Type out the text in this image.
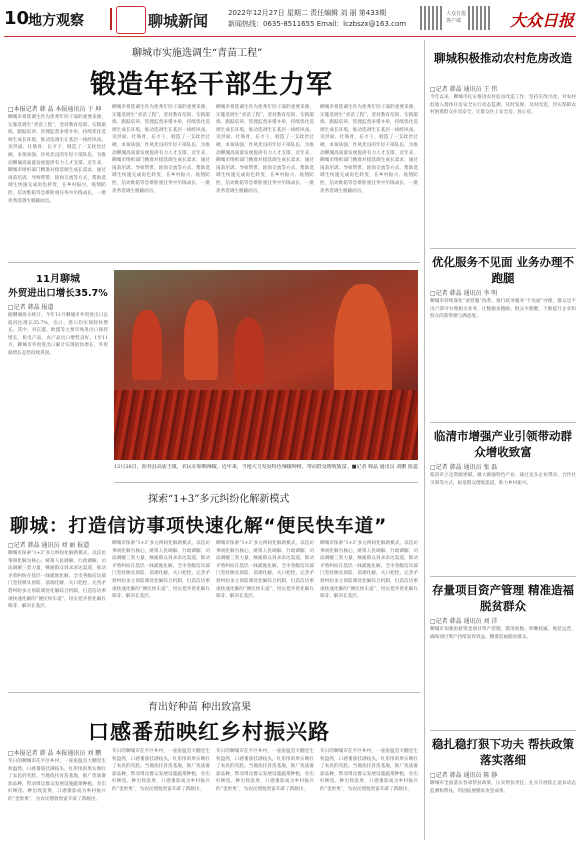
10
地方观察	聊城新闻	2022年12月27日 星期二 责任编辑 刘 丽 第433期
新闻热线：0635-8511655 Email：lczbszx@163.com
大众日报客户端	大众日报
聊城市实施选调生“青苗工程”
锻造年轻干部生力军
□本报记者 韩 晶 本报通讯员 于 坤
聊城市将选调生作为优秀年轻干部的重要来源，实施选调生“青苗工程”，坚持教育培训、实践锻炼、跟踪培养、管理监督多措并举，持续优化选调生成长环境，推动选调生在基层一线经风雨、见世面、壮筋骨、长才干，锻造了一支政治过硬、本领高强、作风优良的年轻干部队伍，为推动聊城高质量发展提供有力人才支撑。近年来，聊城市组织部门精准对接选调生成长需求，通过岗前培训、导师帮带、轮岗交流等方式，帮助选调生快速完成角色转变，在乡村振兴、疫情防控、信访维稳等急难险重任务中历练成长，一批优秀选调生脱颖而出。
聊城市将选调生作为优秀年轻干部的重要来源，实施选调生“青苗工程”，坚持教育培训、实践锻炼、跟踪培养、管理监督多措并举，持续优化选调生成长环境，推动选调生在基层一线经风雨、见世面、壮筋骨、长才干，锻造了一支政治过硬、本领高强、作风优良的年轻干部队伍，为推动聊城高质量发展提供有力人才支撑。近年来，聊城市组织部门精准对接选调生成长需求，通过岗前培训、导师帮带、轮岗交流等方式，帮助选调生快速完成角色转变，在乡村振兴、疫情防控、信访维稳等急难险重任务中历练成长，一批优秀选调生脱颖而出。
聊城市将选调生作为优秀年轻干部的重要来源，实施选调生“青苗工程”，坚持教育培训、实践锻炼、跟踪培养、管理监督多措并举，持续优化选调生成长环境，推动选调生在基层一线经风雨、见世面、壮筋骨、长才干，锻造了一支政治过硬、本领高强、作风优良的年轻干部队伍，为推动聊城高质量发展提供有力人才支撑。近年来，聊城市组织部门精准对接选调生成长需求，通过岗前培训、导师帮带、轮岗交流等方式，帮助选调生快速完成角色转变，在乡村振兴、疫情防控、信访维稳等急难险重任务中历练成长，一批优秀选调生脱颖而出。
聊城市将选调生作为优秀年轻干部的重要来源，实施选调生“青苗工程”，坚持教育培训、实践锻炼、跟踪培养、管理监督多措并举，持续优化选调生成长环境，推动选调生在基层一线经风雨、见世面、壮筋骨、长才干，锻造了一支政治过硬、本领高强、作风优良的年轻干部队伍，为推动聊城高质量发展提供有力人才支撑。近年来，聊城市组织部门精准对接选调生成长需求，通过岗前培训、导师帮带、轮岗交流等方式，帮助选调生快速完成角色转变，在乡村振兴、疫情防控、信访维稳等急难险重任务中历练成长，一批优秀选调生脱颖而出。
11月聊城
外贸进出口增长35.7%
□记者 韩晶 报道
据聊城海关统计，今年11月聊城市外贸进出口总值同比增长35.7%，出口、进口均实现较快增长。其中，对东盟、欧盟等主要市场进出口保持增长，机电产品、农产品出口增势良好。1至11月，聊城市外贸进出口累计实现较快增长，外贸稳增长态势持续巩固。
12月26日，阳谷县高庙王镇，农民在晾晒辣椒。近年来，当地大力发展特色辣椒种植，带动群众增收致富。■记者 韩晶 通讯员 刘鹏 报道
探索“1+3”多元纠纷化解新模式
聊城：打造信访事项快速化解“便民快车道”
□记者 韩晶 通讯员 刘 丽 报道
聊城市探索“1+3”多元纠纷化解新模式，以信访事项化解为核心，统筹人民调解、行政调解、司法调解三类力量，畅通群众诉求表达渠道，推动矛盾纠纷在基层一线就地化解。全市各级信访部门坚持源头预防、前端化解、关口把控，完善矛盾纠纷多元预防调处化解综合机制，打造信访事项快速化解的“便民快车道”，切实把矛盾化解在萌芽、解决在基层。
聊城市探索“1+3”多元纠纷化解新模式，以信访事项化解为核心，统筹人民调解、行政调解、司法调解三类力量，畅通群众诉求表达渠道，推动矛盾纠纷在基层一线就地化解。全市各级信访部门坚持源头预防、前端化解、关口把控，完善矛盾纠纷多元预防调处化解综合机制，打造信访事项快速化解的“便民快车道”，切实把矛盾化解在萌芽、解决在基层。
聊城市探索“1+3”多元纠纷化解新模式，以信访事项化解为核心，统筹人民调解、行政调解、司法调解三类力量，畅通群众诉求表达渠道，推动矛盾纠纷在基层一线就地化解。全市各级信访部门坚持源头预防、前端化解、关口把控，完善矛盾纠纷多元预防调处化解综合机制，打造信访事项快速化解的“便民快车道”，切实把矛盾化解在萌芽、解决在基层。
聊城市探索“1+3”多元纠纷化解新模式，以信访事项化解为核心，统筹人民调解、行政调解、司法调解三类力量，畅通群众诉求表达渠道，推动矛盾纠纷在基层一线就地化解。全市各级信访部门坚持源头预防、前端化解、关口把控，完善矛盾纠纷多元预防调处化解综合机制，打造信访事项快速化解的“便民快车道”，切实把矛盾化解在萌芽、解决在基层。
育出好种苗 种出致富果
口感番茄映红乡村振兴路
□本报记者 韩 晶 本报通讯员 刘 鹏
冬日的聊城市茌平区乡村，一座座温室大棚里生机盎然，口感番茄挂满枝头，红彤彤的果实映红了农民的笑脸。当地依托育苗基地，推广优质番茄品种，带动周边群众发展设施蔬菜种植，育出好种苗、种出致富果，口感番茄成为乡村振兴的“金果果”，为农民增收致富开辟了新路径。
冬日的聊城市茌平区乡村，一座座温室大棚里生机盎然，口感番茄挂满枝头，红彤彤的果实映红了农民的笑脸。当地依托育苗基地，推广优质番茄品种，带动周边群众发展设施蔬菜种植，育出好种苗、种出致富果，口感番茄成为乡村振兴的“金果果”，为农民增收致富开辟了新路径。
冬日的聊城市茌平区乡村，一座座温室大棚里生机盎然，口感番茄挂满枝头，红彤彤的果实映红了农民的笑脸。当地依托育苗基地，推广优质番茄品种，带动周边群众发展设施蔬菜种植，育出好种苗、种出致富果，口感番茄成为乡村振兴的“金果果”，为农民增收致富开辟了新路径。
冬日的聊城市茌平区乡村，一座座温室大棚里生机盎然，口感番茄挂满枝头，红彤彤的果实映红了农民的笑脸。当地依托育苗基地，推广优质番茄品种，带动周边群众发展设施蔬菜种植，育出好种苗、种出致富果，口感番茄成为乡村振兴的“金果果”，为农民增收致富开辟了新路径。
聊城积极推动农村危房改造
□记者 韩晶 通讯员 王 伟
今年以来，聊城市扎实推进农村危房改造工作，坚持应改尽改，对农村低收入群体住房安全实行动态监测，及时发现、及时改造，切实保障农村困难群众住房安全，让群众住上安全房、放心房。
优化服务不见面 业务办理不跑腿
□记者 韩晶 通讯员 李 明
聊城市持续深化“放管服”改革，推行政务服务“不见面”办理，群众足不出户即可办理相关业务，让数据多跑路、群众少跑腿，不断提升企业和群众的获得感与满意度。
临清市增强产业引领带动群众增收致富
□记者 韩晶 通讯员 张 磊
临清市立足资源禀赋，做大做强特色产业，通过龙头企业带动、合作社引领等方式，拓宽群众增收渠道，助力乡村振兴。
存量项目资产管理 精准造福脱贫群众
□记者 韩晶 通讯员 刘 洋
聊城市加强衔接资金项目资产管理，摸清底数、明晰权属、规范运营，确保项目资产持续发挥效益，精准造福脱贫群众。
稳扎稳打狠下功夫 帮扶政策落实落细
□记者 韩晶 通讯员 陈 静
聊城市全面落实各项帮扶政策，压实帮扶责任，扎实开展防止返贫动态监测和帮扶，巩固拓展脱贫攻坚成果。
